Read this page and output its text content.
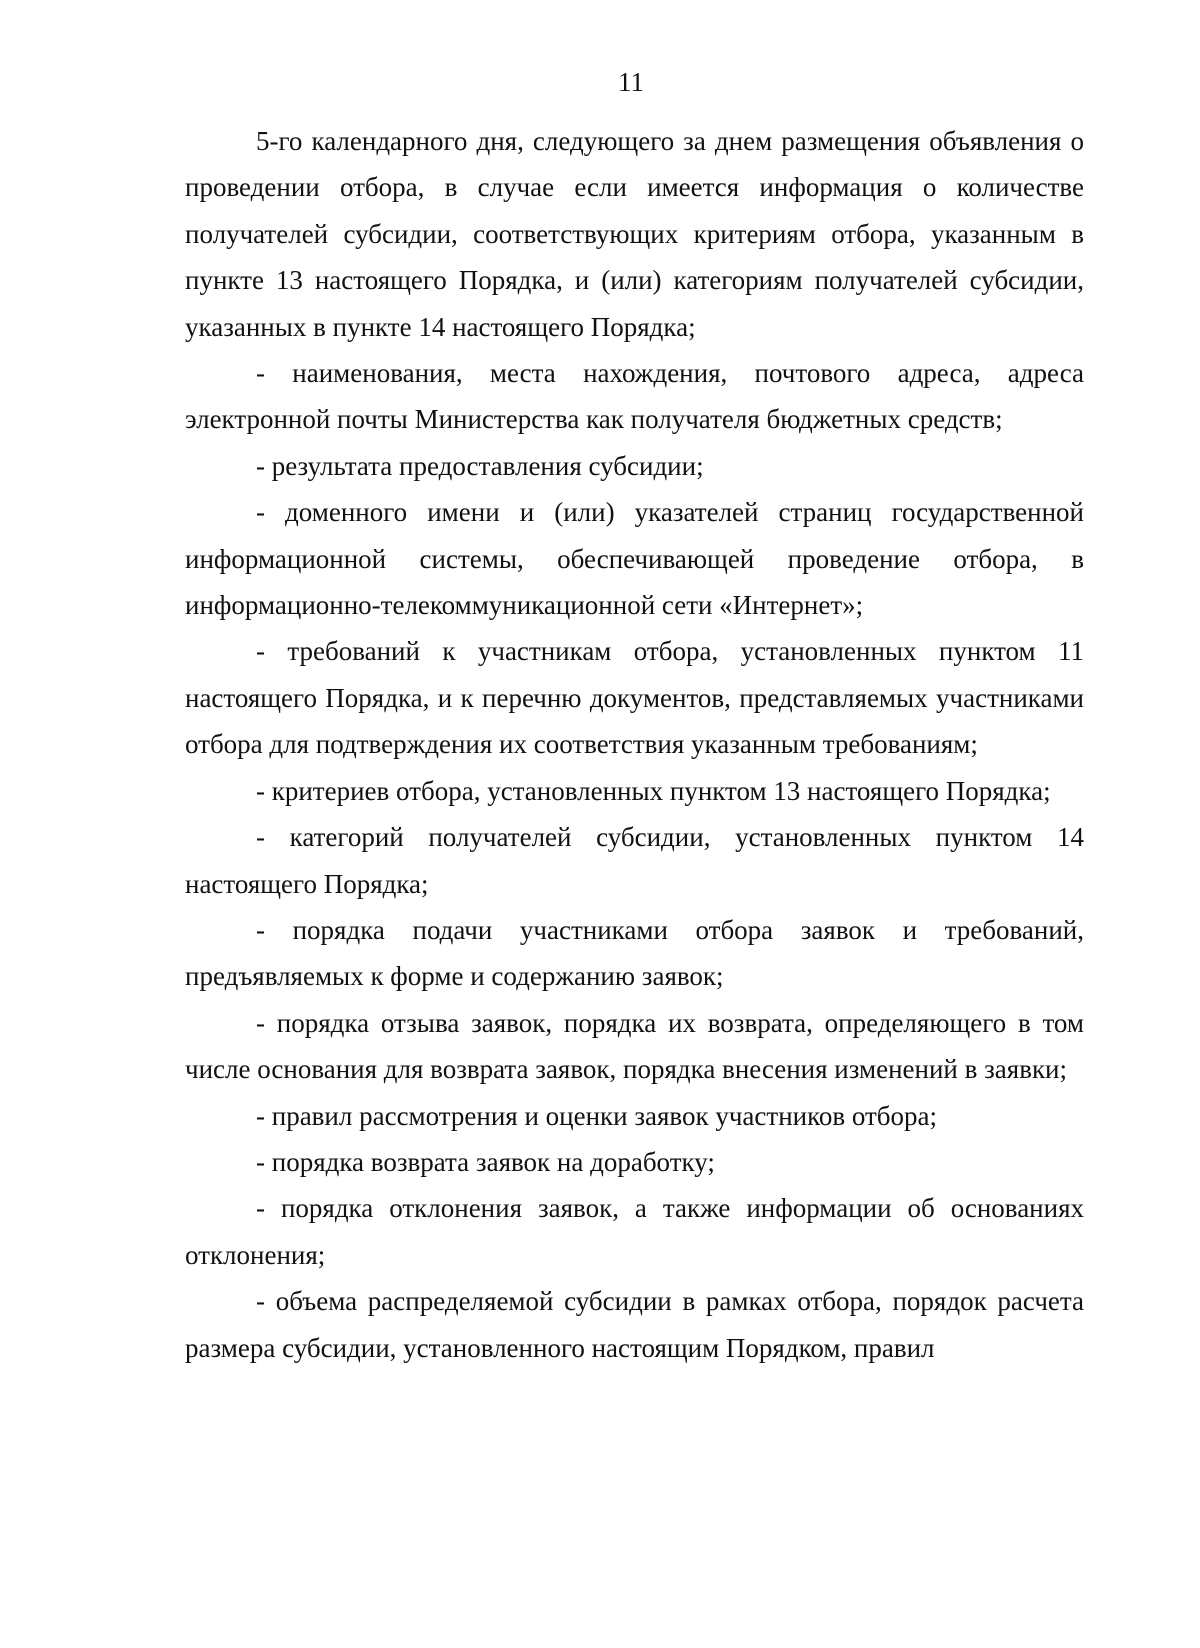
11

5-го календарного дня, следующего за днем размещения объявления о проведении отбора, в случае если имеется информация о количестве получателей субсидии, соответствующих критериям отбора, указанным в пункте 13 настоящего Порядка, и (или) категориям получателей субсидии, указанных в пункте 14 настоящего Порядка;

- наименования, места нахождения, почтового адреса, адреса электронной почты Министерства как получателя бюджетных средств;

- результата предоставления субсидии;

- доменного имени и (или) указателей страниц государственной информационной системы, обеспечивающей проведение отбора, в информационно-телекоммуникационной сети «Интернет»;

- требований к участникам отбора, установленных пунктом 11 настоящего Порядка, и к перечню документов, представляемых участниками отбора для подтверждения их соответствия указанным требованиям;

- критериев отбора, установленных пунктом 13 настоящего Порядка;

- категорий получателей субсидии, установленных пунктом 14 настоящего Порядка;

- порядка подачи участниками отбора заявок и требований, предъявляемых к форме и содержанию заявок;

- порядка отзыва заявок, порядка их возврата, определяющего в том числе основания для возврата заявок, порядка внесения изменений в заявки;

- правил рассмотрения и оценки заявок участников отбора;

- порядка возврата заявок на доработку;

- порядка отклонения заявок, а также информации об основаниях отклонения;

- объема распределяемой субсидии в рамках отбора, порядок расчета размера субсидии, установленного настоящим Порядком, правил
